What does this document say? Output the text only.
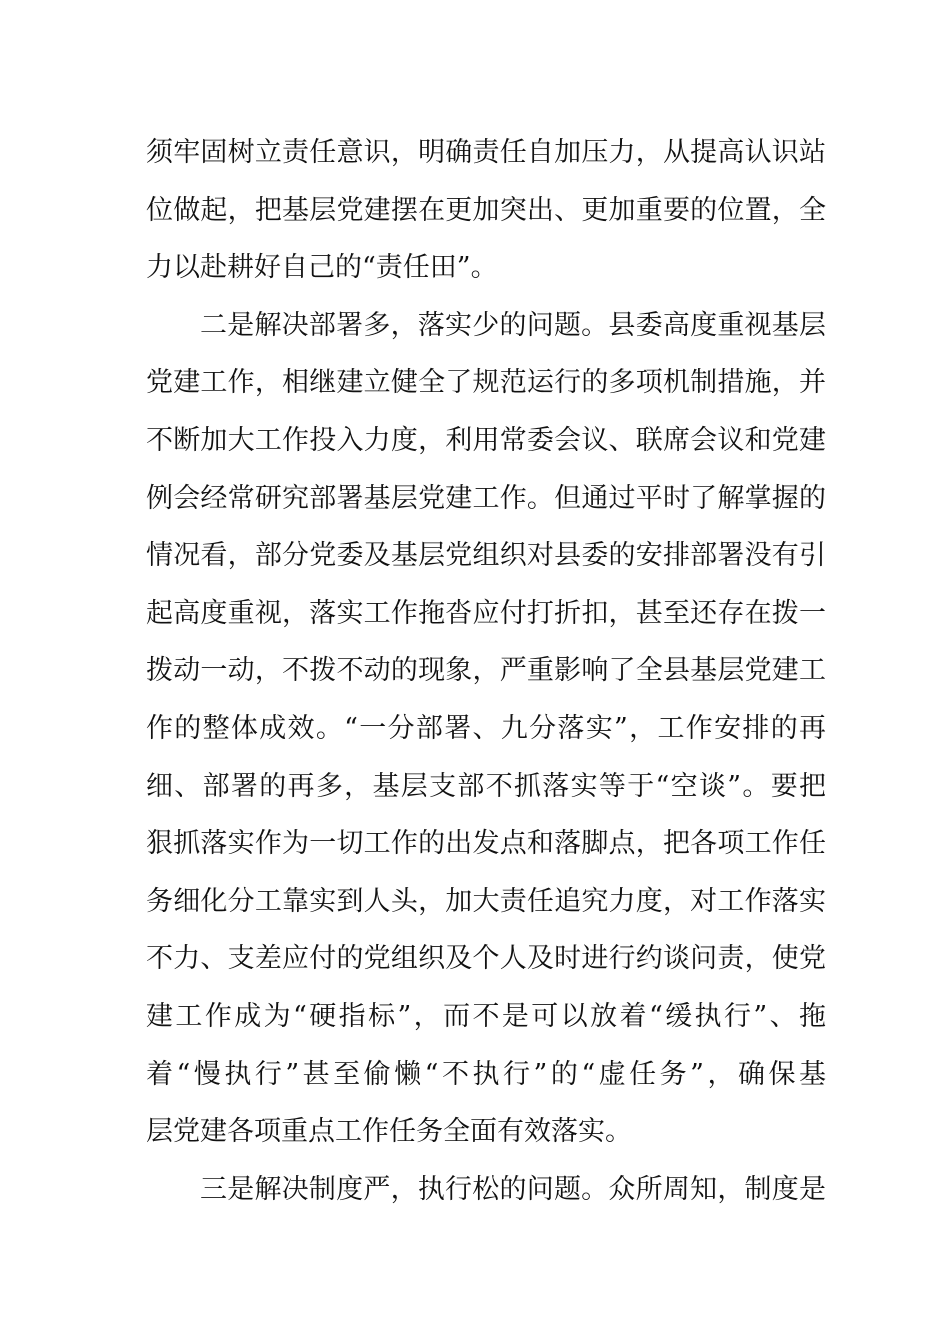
须牢固树立责任意识，明确责任自加压力，从提高认识站
位做起，把基层党建摆在更加突出、更加重要的位置，全
力以赴耕好自己的“责任田”。
二是解决部署多，落实少的问题。县委高度重视基层
党建工作，相继建立健全了规范运行的多项机制措施，并
不断加大工作投入力度，利用常委会议、联席会议和党建
例会经常研究部署基层党建工作。但通过平时了解掌握的
情况看，部分党委及基层党组织对县委的安排部署没有引
起高度重视，落实工作拖沓应付打折扣，甚至还存在拨一
拨动一动，不拨不动的现象，严重影响了全县基层党建工
作的整体成效。“一分部署、九分落实”，工作安排的再
细、部署的再多，基层支部不抓落实等于“空谈”。要把
狠抓落实作为一切工作的出发点和落脚点，把各项工作任
务细化分工靠实到人头，加大责任追究力度，对工作落实
不力、支差应付的党组织及个人及时进行约谈问责，使党
建工作成为“硬指标”，而不是可以放着“缓执行”、拖
着“慢执行”甚至偷懒“不执行”的“虚任务”，确保基
层党建各项重点工作任务全面有效落实。
三是解决制度严，执行松的问题。众所周知，制度是
